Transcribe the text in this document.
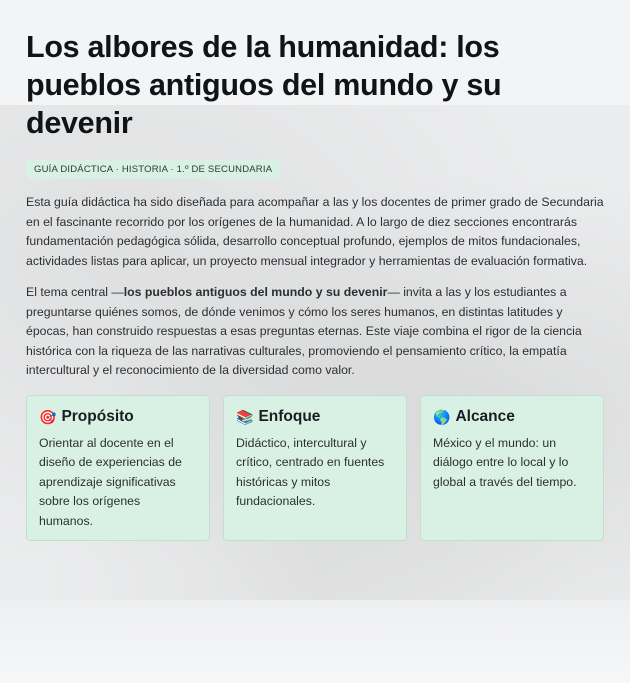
Los albores de la humanidad: los pueblos antiguos del mundo y su devenir
GUÍA DIDÁCTICA · HISTORIA · 1.º DE SECUNDARIA

Esta guía didáctica ha sido diseñada para acompañar a las y los docentes de primer grado de Secundaria en el fascinante recorrido por los orígenes de la humanidad. A lo largo de diez secciones encontrarás fundamentación pedagógica sólida, desarrollo conceptual profundo, ejemplos de mitos fundacionales, actividades listas para aplicar, un proyecto mensual integrador y herramientas de evaluación formativa.

El tema central —los pueblos antiguos del mundo y su devenir— invita a las y los estudiantes a preguntarse quiénes somos, de dónde venimos y cómo los seres humanos, en distintas latitudes y épocas, han construido respuestas a esas preguntas eternas. Este viaje combina el rigor de la ciencia histórica con la riqueza de las narrativas culturales, promoviendo el pensamiento crítico, la empatía intercultural y el reconocimiento de la diversidad como valor.

🎯 Propósito
Orientar al docente en el diseño de experiencias de aprendizaje significativas sobre los orígenes humanos.
📚 Enfoque
Didáctico, intercultural y crítico, centrado en fuentes históricas y mitos fundacionales.
🌎 Alcance
México y el mundo: un diálogo entre lo local y lo global a través del tiempo.
